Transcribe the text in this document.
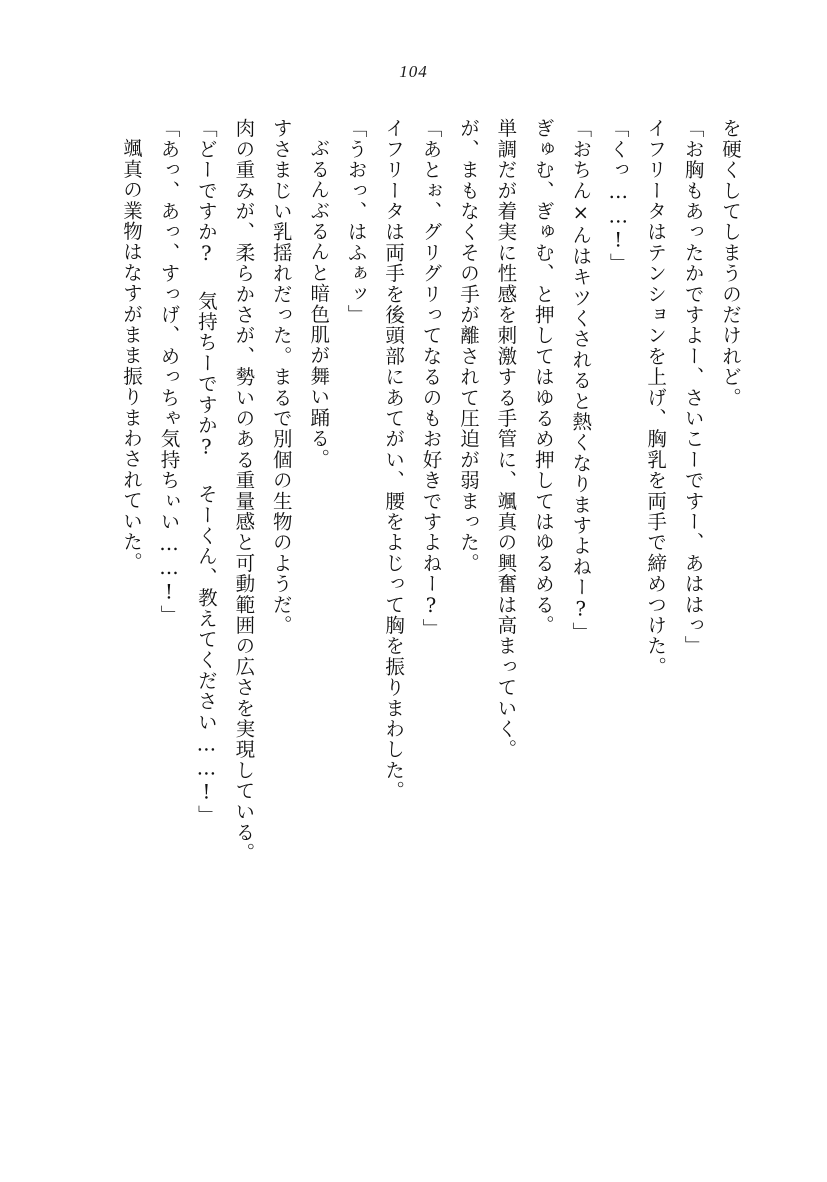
104

を硬くしてしまうのだけれど。

「お胸もあったかですよー、さいこーですー、あははっ」

イフリータはテンションを上げ、胸乳を両手で締めつけた。

「くっ……!」

「おちん×んはキツくされると熱くなりますよねー?」

ぎゅむ、ぎゅむ、と押してはゆるめ押してはゆるめる。

単調だが着実に性感を刺激する手管に、颯真の興奮は高まっていく。

が、まもなくその手が離されて圧迫が弱まった。

「あとぉ、グリグリってなるのもお好きですよねー?」

イフリータは両手を後頭部にあてがい、腰をよじって胸を振りまわした。

「うおっ、はふぁッ」

ぶるんぶるんと暗色肌が舞い踊る。

すさまじい乳揺れだった。まるで別個の生物のようだ。

肉の重みが、柔らかさが、勢いのある重量感と可動範囲の広さを実現している。

「どーですか? 気持ちーですか? そーくん、教えてください……!」

「あっ、あっ、すっげ、めっちゃ気持ちぃい……!」

颯真の業物はなすがまま振りまわされていた。
